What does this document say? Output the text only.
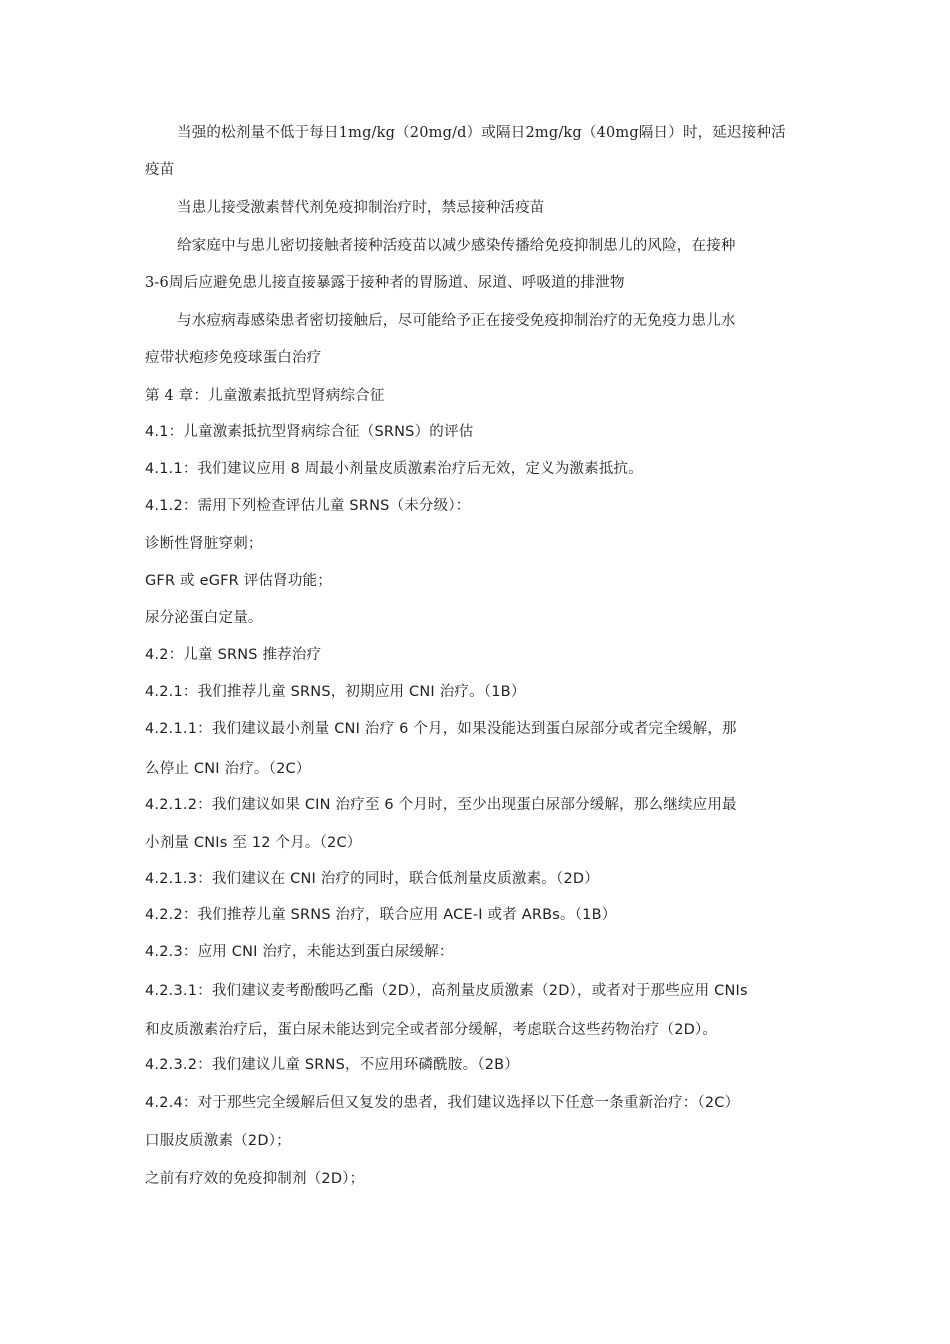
当强的松剂量不低于每日1mg/kg（20mg/d）或隔日2mg/kg（40mg隔日）时，延迟接种活
疫苗
当患儿接受激素替代剂免疫抑制治疗时，禁忌接种活疫苗
给家庭中与患儿密切接触者接种活疫苗以减少感染传播给免疫抑制患儿的风险，在接种
3-6周后应避免患儿接直接暴露于接种者的胃肠道、尿道、呼吸道的排泄物
与水痘病毒感染患者密切接触后，尽可能给予正在接受免疫抑制治疗的无免疫力患儿水
痘带状疱疹免疫球蛋白治疗
第 4 章：儿童激素抵抗型肾病综合征
4.1：儿童激素抵抗型肾病综合征（SRNS）的评估
4.1.1：我们建议应用 8 周最小剂量皮质激素治疗后无效，定义为激素抵抗。
4.1.2：需用下列检查评估儿童 SRNS（未分级）：
诊断性肾脏穿刺；
GFR 或 eGFR 评估肾功能；
尿分泌蛋白定量。
4.2：儿童 SRNS 推荐治疗
4.2.1：我们推荐儿童 SRNS，初期应用 CNI 治疗。（1B）
4.2.1.1：我们建议最小剂量 CNI 治疗 6 个月，如果没能达到蛋白尿部分或者完全缓解，那
么停止 CNI 治疗。（2C）
4.2.1.2：我们建议如果 CIN 治疗至 6 个月时，至少出现蛋白尿部分缓解，那么继续应用最
小剂量 CNIs 至 12 个月。（2C）
4.2.1.3：我们建议在 CNI 治疗的同时，联合低剂量皮质激素。（2D）
4.2.2：我们推荐儿童 SRNS 治疗，联合应用 ACE-I 或者 ARBs。（1B）
4.2.3：应用 CNI 治疗，未能达到蛋白尿缓解：
4.2.3.1：我们建议麦考酚酸吗乙酯（2D），高剂量皮质激素（2D），或者对于那些应用 CNIs
和皮质激素治疗后，蛋白尿未能达到完全或者部分缓解，考虑联合这些药物治疗（2D）。
4.2.3.2：我们建议儿童 SRNS，不应用环磷酰胺。（2B）
4.2.4：对于那些完全缓解后但又复发的患者，我们建议选择以下任意一条重新治疗：（2C）
口服皮质激素（2D）；
之前有疗效的免疫抑制剂（2D）；
